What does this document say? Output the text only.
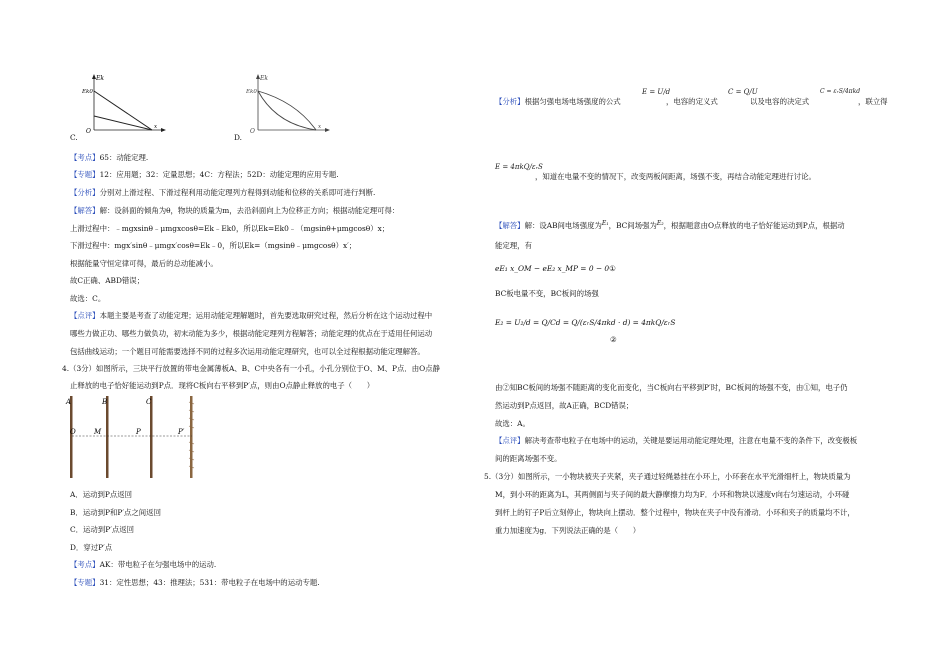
Ek
Ek0
O
x
C.
Ek
Ek0
O
x
D.
【考点】65：动能定理.
【专题】12：应用题；32：定量思想；4C：方程法；52D：动能定理的应用专题.
【分析】分别对上滑过程、下滑过程利用动能定理列方程得到动能和位移的关系即可进行判断.
【解答】解：设斜面的倾角为θ，物块的质量为m，去沿斜面向上为位移正方向；根据动能定理可得：
上滑过程中：﹣mgxsinθ﹣μmgxcosθ=Ek﹣Ek0，所以Ek=Ek0﹣（mgsinθ+μmgcosθ）x；
下滑过程中：mgx′sinθ﹣μmgx′cosθ=Ek﹣0，所以Ek=（mgsinθ﹣μmgcosθ）x′；
根据能量守恒定律可得，最后的总动能减小。
故C正确、ABD错误；
故选：C。
【点评】本题主要是考查了动能定理；运用动能定理解题时，首先要选取研究过程，然后分析在这个运动过程中
哪些力做正功、哪些力做负功，初末动能为多少，根据动能定理列方程解答；动能定理的优点在于适用任何运动
包括曲线运动；一个题目可能需要选择不同的过程多次运用动能定理研究，也可以全过程根据动能定理解答。
4.（3分）如图所示，三块平行放置的带电金属薄板A、B、C中央各有一小孔，小孔分别位于O、M、P点．由O点静
止释放的电子恰好能运动到P点．现将C板向右平移到P′点，则由O点静止释放的电子（　　）
A	B	C
O	M	P	P′
A．运动到P点返回
B．运动到P和P′点之间返回
C．运动到P′点返回
D．穿过P′点
【考点】AK：带电粒子在匀强电场中的运动.
【专题】31：定性思想；43：推理法；531：带电粒子在电场中的运动专题.
【分析】根据匀强电场电场强度的公式
E = U/d
，电容的定义式
C = Q/U
以及电容的决定式
C = εᵣS/4πkd
，联立得
E = 4πkQ/εᵣS
，知道在电量不变的情况下，改变两板间距离，场强不变，再结合动能定理进行讨论。
【解答】解：设AB间电场强度为$^{E_1}$，BC间场强为$^{E_2}$，根据题意由O点释放的电子恰好能运动到P点，根据动
能定理，有
eE₁ x_OM − eE₂ x_MP = 0 − 0①
BC板电量不变，BC板间的场强
E₂ = U₂/d = Q/Cd = Q/(εᵣS/4πkd · d) = 4πkQ/εᵣS
②
由②知BC板间的场强不随距离的变化而变化，当C板向右平移到P′时，BC板间的场强不变，由①知，电子仍
然运动到P点返回，故A正确，BCD错误；
故选：A。
【点评】解决考查带电粒子在电场中的运动，关键是要运用动能定理处理，注意在电量不变的条件下，改变极板
间的距离场强不变。
5.（3分）如图所示，一小物块被夹子夹紧，夹子通过轻绳悬挂在小环上，小环套在水平光滑细杆上，物块质量为
M，到小环的距离为L，其两侧面与夹子间的最大静摩擦力均为F．小环和物块以速度v向右匀速运动，小环碰
到杆上的钉子P后立刻停止，物块向上摆动．整个过程中，物块在夹子中没有滑动．小环和夹子的质量均不计，
重力加速度为g．下列说法正确的是（　　）
